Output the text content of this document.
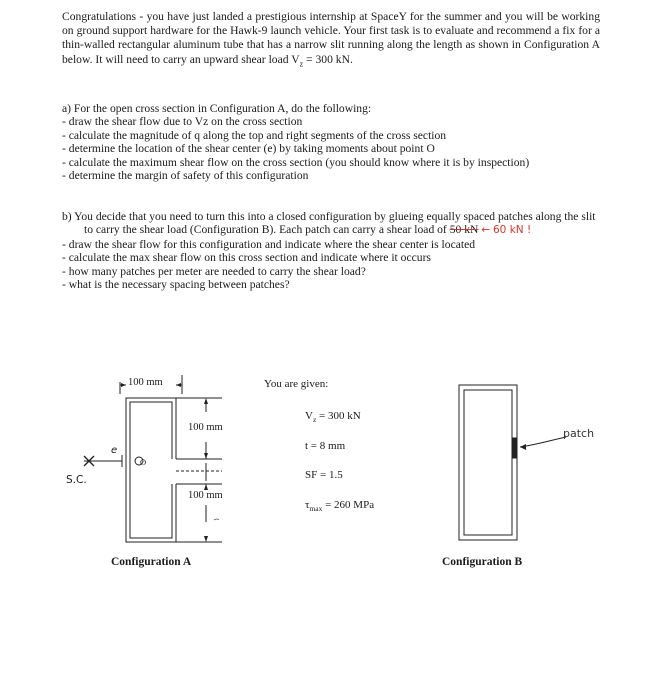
Congratulations - you have just landed a prestigious internship at SpaceY for the summer and you will be working on ground support hardware for the Hawk-9 launch vehicle. Your first task is to evaluate and recommend a fix for a thin-walled rectangular aluminum tube that has a narrow slit running along the length as shown in Configuration A below. It will need to carry an upward shear load $V_z = 300$ kN.

a) For the open cross section in Configuration A, do the following:

- draw the shear flow due to Vz on the cross section
- calculate the magnitude of q along the top and right segments of the cross section
- determine the location of the shear center (e) by taking moments about point O
- calculate the maximum shear flow on the cross section (you should know where it is by inspection)
- determine the margin of safety of this configuration

b) You decide that you need to turn this into a closed configuration by glueing equally spaced patches along the slit to carry the shear load (Configuration B). Each patch can carry a shear load of 50 kN ← 60 kN !

- draw the shear flow for this configuration and indicate where the shear center is located
- calculate the max shear flow on this cross section and indicate where it occurs
- how many patches per meter are needed to carry the shear load?
- what is the necessary spacing between patches?
100 mm
100 mm
100 mm
e
S.C.
O
Configuration A
You are given:
$V_z = 300$ kN
t = 8 mm
SF = 1.5
$\tau_{max} = 260$ MPa
patch
Configuration B
